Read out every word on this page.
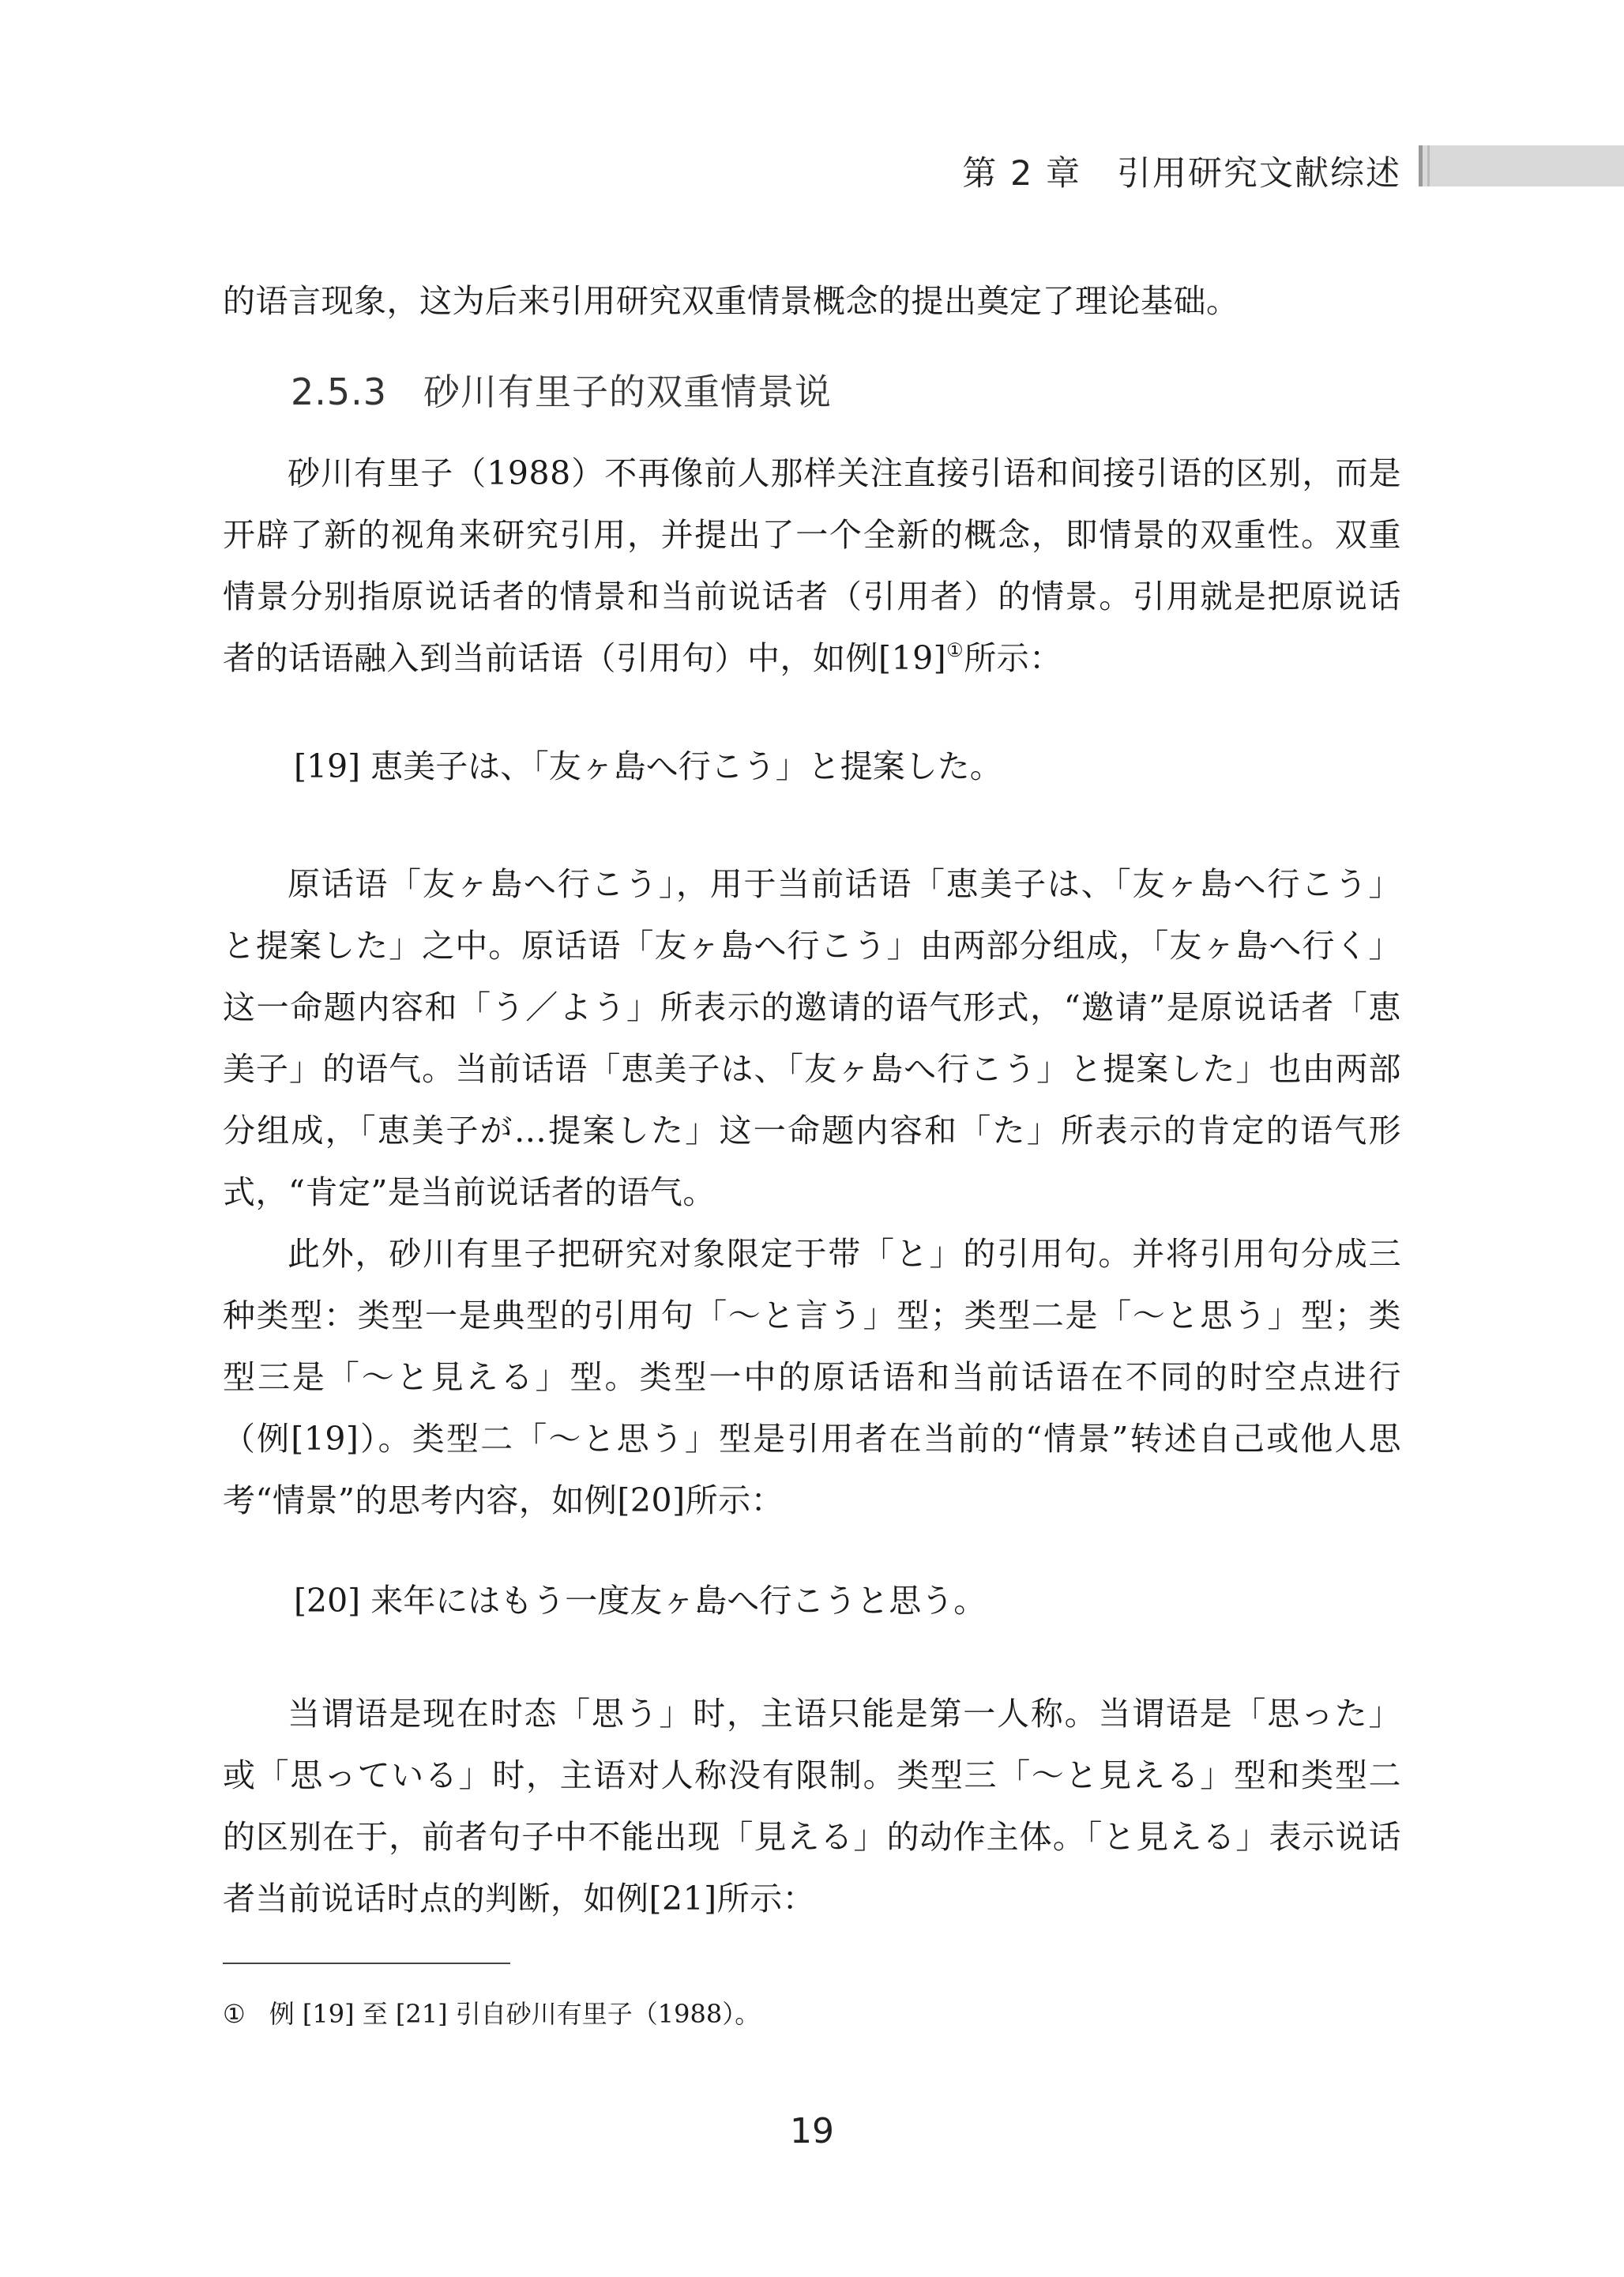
第 2 章　引用研究文献综述

的语言现象，这为后来引用研究双重情景概念的提出奠定了理论基础。

2.5.3 砂川有里子的双重情景说

砂川有里子（1988）不再像前人那样关注直接引语和间接引语的区别，而是开辟了新的视角来研究引用，并提出了一个全新的概念，即情景的双重性。双重情景分别指原说话者的情景和当前说话者（引用者）的情景。引用就是把原说话者的话语融入到当前话语（引用句）中，如例[19]①所示：

[19] 恵美子は、「友ヶ島へ行こう」と提案した。

原话语「友ヶ島へ行こう」，用于当前话语「恵美子は、「友ヶ島へ行こう」と提案した」之中。原话语「友ヶ島へ行こう」由两部分组成，「友ヶ島へ行く」这一命题内容和「う／よう」所表示的邀请的语气形式，“邀请”是原说话者「恵美子」的语气。当前话语「恵美子は、「友ヶ島へ行こう」と提案した」也由两部分组成，「恵美子が…提案した」这一命题内容和「た」所表示的肯定的语气形式，“肯定”是当前说话者的语气。

此外，砂川有里子把研究对象限定于带「と」的引用句。并将引用句分成三种类型：类型一是典型的引用句「〜と言う」型；类型二是「〜と思う」型；类型三是「〜と見える」型。类型一中的原话语和当前话语在不同的时空点进行（例[19]）。类型二「〜と思う」型是引用者在当前的“情景”转述自己或他人思考“情景”的思考内容，如例[20]所示：

[20] 来年にはもう一度友ヶ島へ行こうと思う。

当谓语是现在时态「思う」时，主语只能是第一人称。当谓语是「思った」或「思っている」时，主语对人称没有限制。类型三「〜と見える」型和类型二的区别在于，前者句子中不能出现「見える」的动作主体。「と見える」表示说话者当前说话时点的判断，如例[21]所示：

① 例 [19] 至 [21] 引自砂川有里子（1988）。
19
